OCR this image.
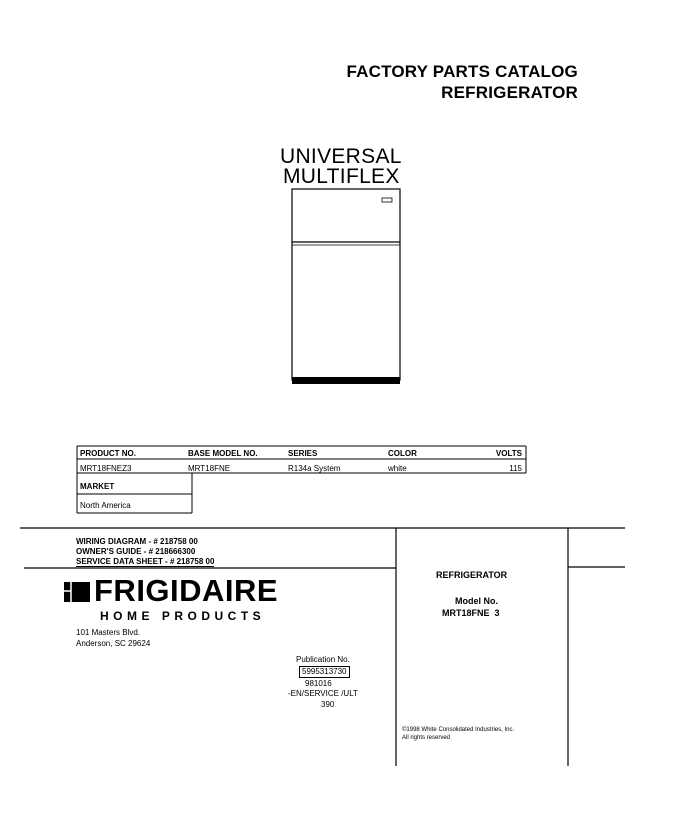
FACTORY PARTS CATALOG
REFRIGERATOR
UNIVERSAL
MULTIFLEX
PRODUCT NO.	BASE MODEL NO.	SERIES	COLOR	VOLTS
MRT18FNEZ3	MRT18FNE	R134a System	white	115
MARKET
North America
WIRING DIAGRAM - # 218758 00
OWNER'S GUIDE - # 218666300
SERVICE DATA SHEET - # 218758 00
FRIGIDAIRE
HOME PRODUCTS
101 Masters Blvd.
Anderson, SC 29624
Publication No.
5995313730
981016
-EN/SERVICE /ULT
390
REFRIGERATOR
Model No.
MRT18FNE  3
©1998 White Consolidated Industries, Inc.
All rights reserved
